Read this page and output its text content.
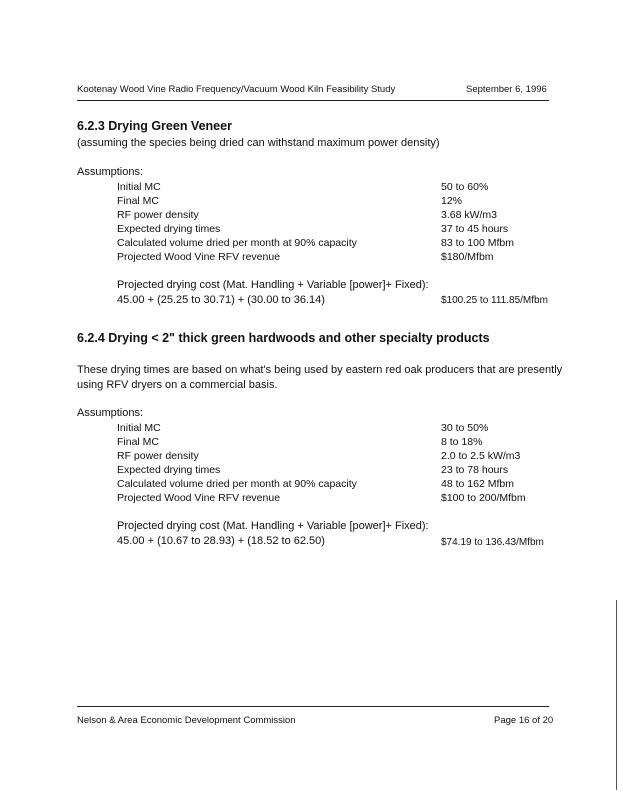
Kootenay Wood Vine Radio Frequency/Vacuum Wood Kiln Feasibility Study	September 6, 1996
6.2.3 Drying Green Veneer
(assuming the species being dried can withstand maximum power density)
Assumptions:
Initial MC	50 to 60%
Final MC	12%
RF power density	3.68 kW/m3
Expected drying times	37 to 45 hours
Calculated volume dried per month at 90% capacity	83 to 100 Mfbm
Projected Wood Vine RFV revenue	$180/Mfbm
Projected drying cost (Mat. Handling + Variable [power]+ Fixed):
45.00 + (25.25 to 30.71) + (30.00 to 36.14)	$100.25 to 111.85/Mfbm
6.2.4 Drying < 2" thick green hardwoods and other specialty products
These drying times are based on what's being used by eastern red oak producers that are presently
using RFV dryers on a commercial basis.
Assumptions:
Initial MC	30 to 50%
Final MC	8 to 18%
RF power density	2.0 to 2.5 kW/m3
Expected drying times	23 to 78 hours
Calculated volume dried per month at 90% capacity	48 to 162 Mfbm
Projected Wood Vine RFV revenue	$100 to 200/Mfbm
Projected drying cost (Mat. Handling + Variable [power]+ Fixed):
45.00 + (10.67 to 28.93) + (18.52 to 62.50)	$74.19 to 136.43/Mfbm
Nelson & Area Economic Development Commission	Page 16 of 20
